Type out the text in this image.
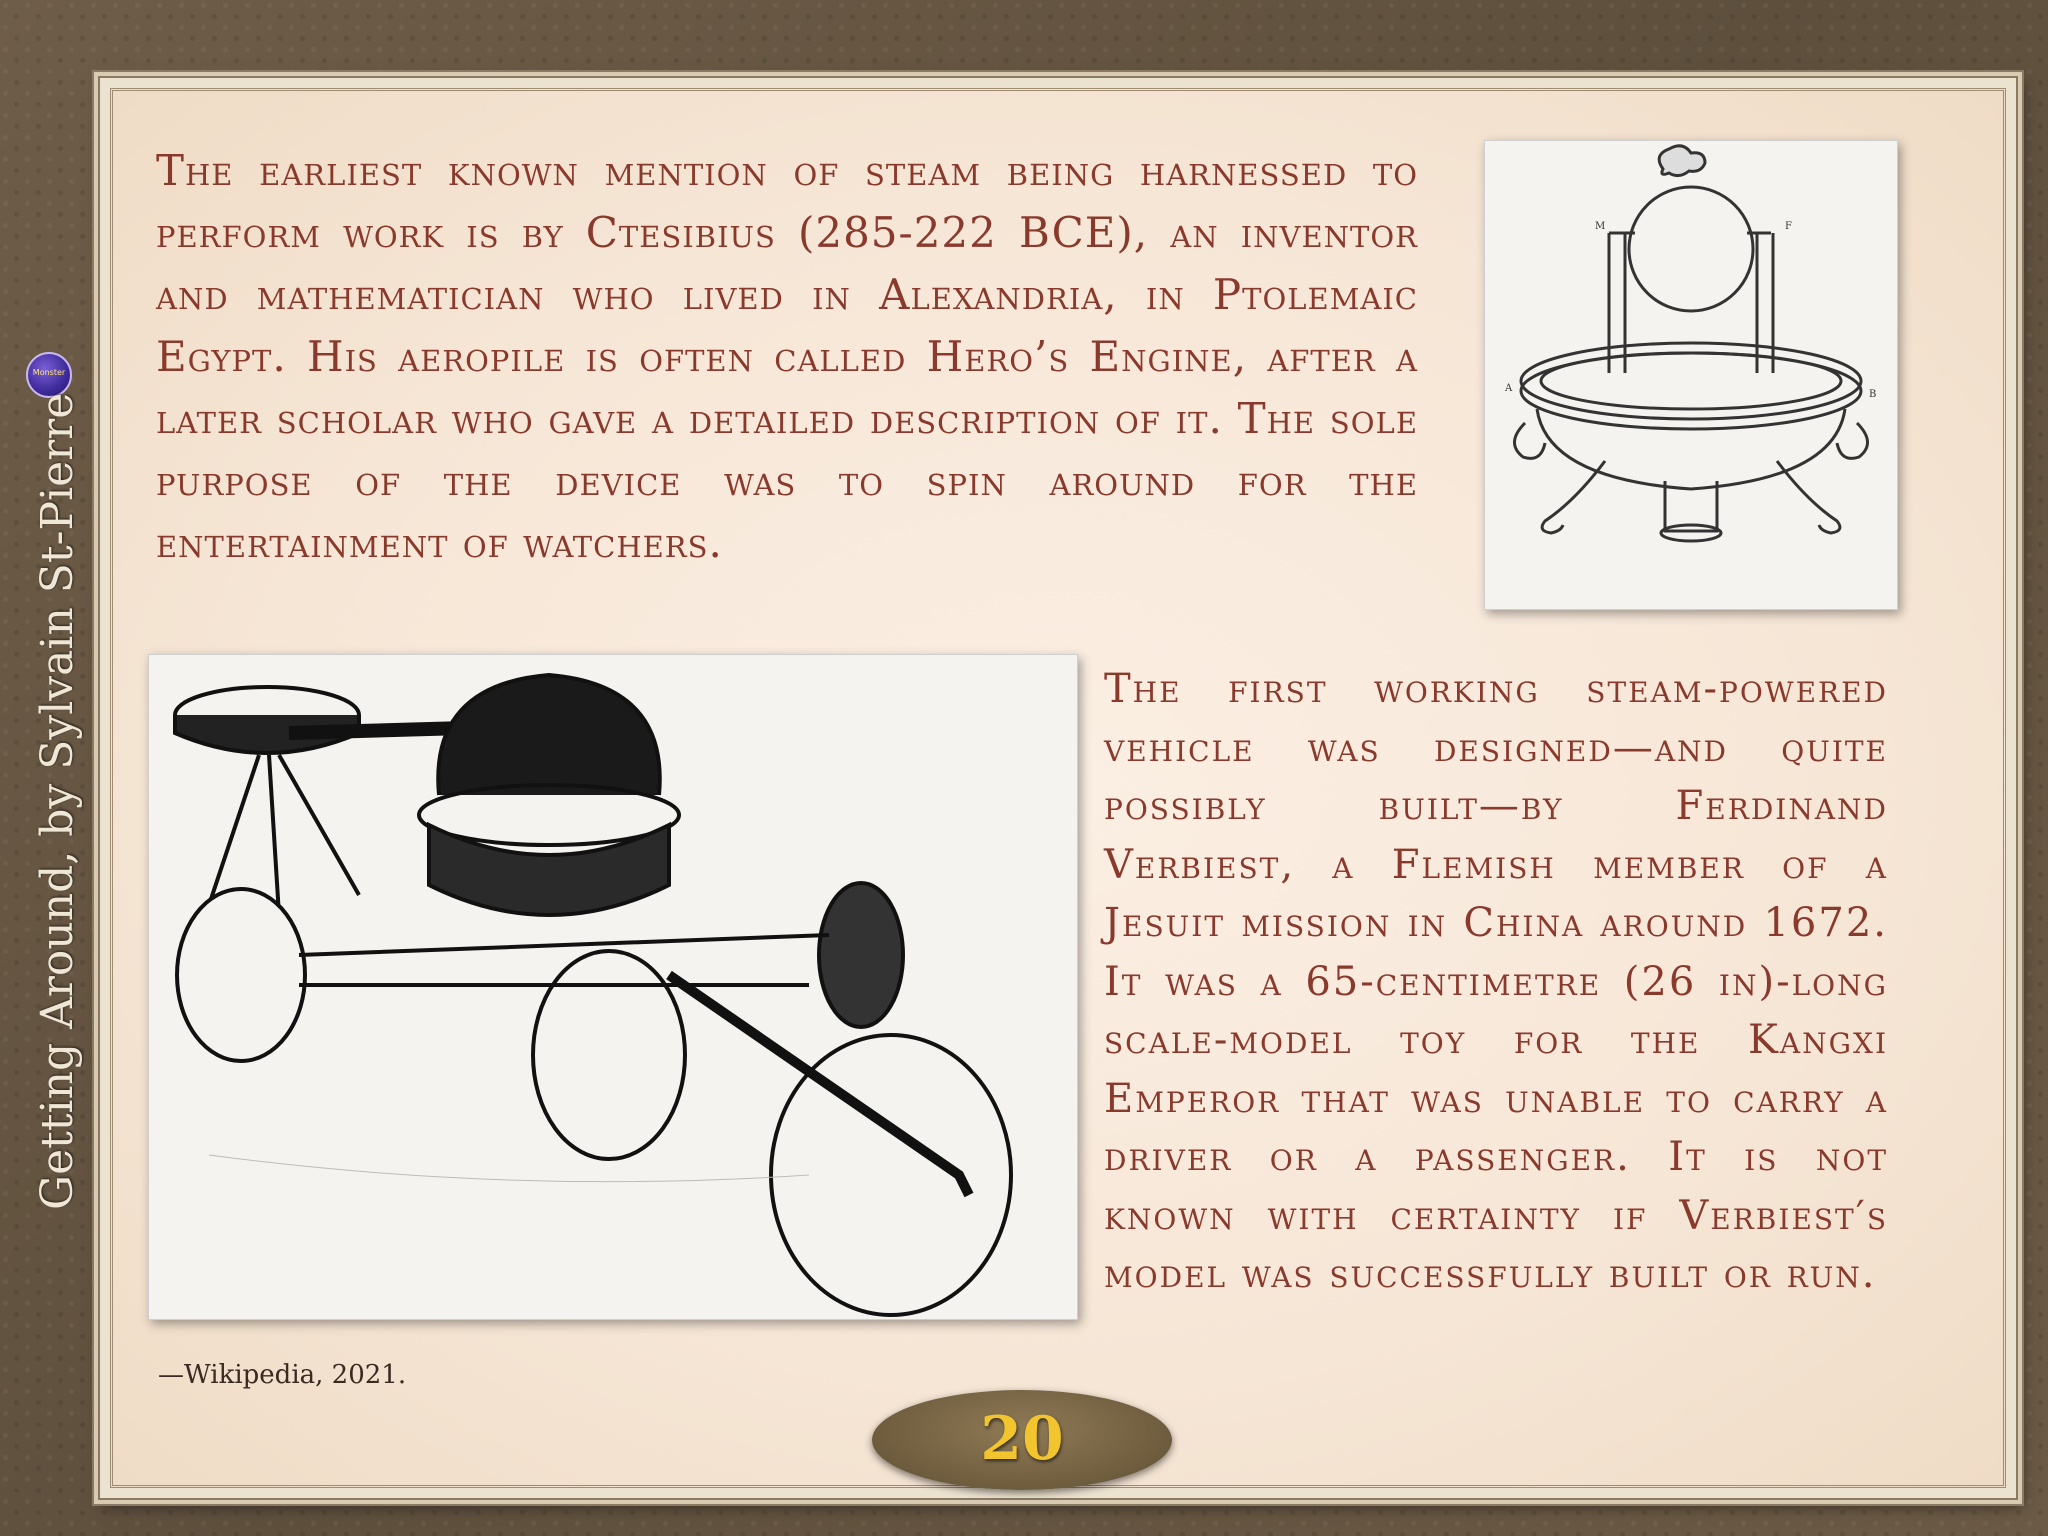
Monster
Getting Around, by Sylvain St-Pierre

The earliest known mention of steam being harnessed to perform work is by Ctesibius (285-222 BCE), an inventor and mathematician who lived in Alexandria, in Ptolemaic Egypt. His aeropile is often called Hero’s Engine, after a later scholar who gave a detailed description of it. The sole purpose of the device was to spin around for the entertainment of watchers.

M	F
A
B

The first working steam-powered vehicle was designed—and quite possibly built—by Ferdinand Verbiest, a Flemish member of a Jesuit mission in China around 1672. It was a 65-centimetre (26 in)-long scale-model toy for the Kangxi Emperor that was unable to carry a driver or a passenger. It is not known with certainty if Verbiest′s model was successfully built or run.

—Wikipedia, 2021.

20
